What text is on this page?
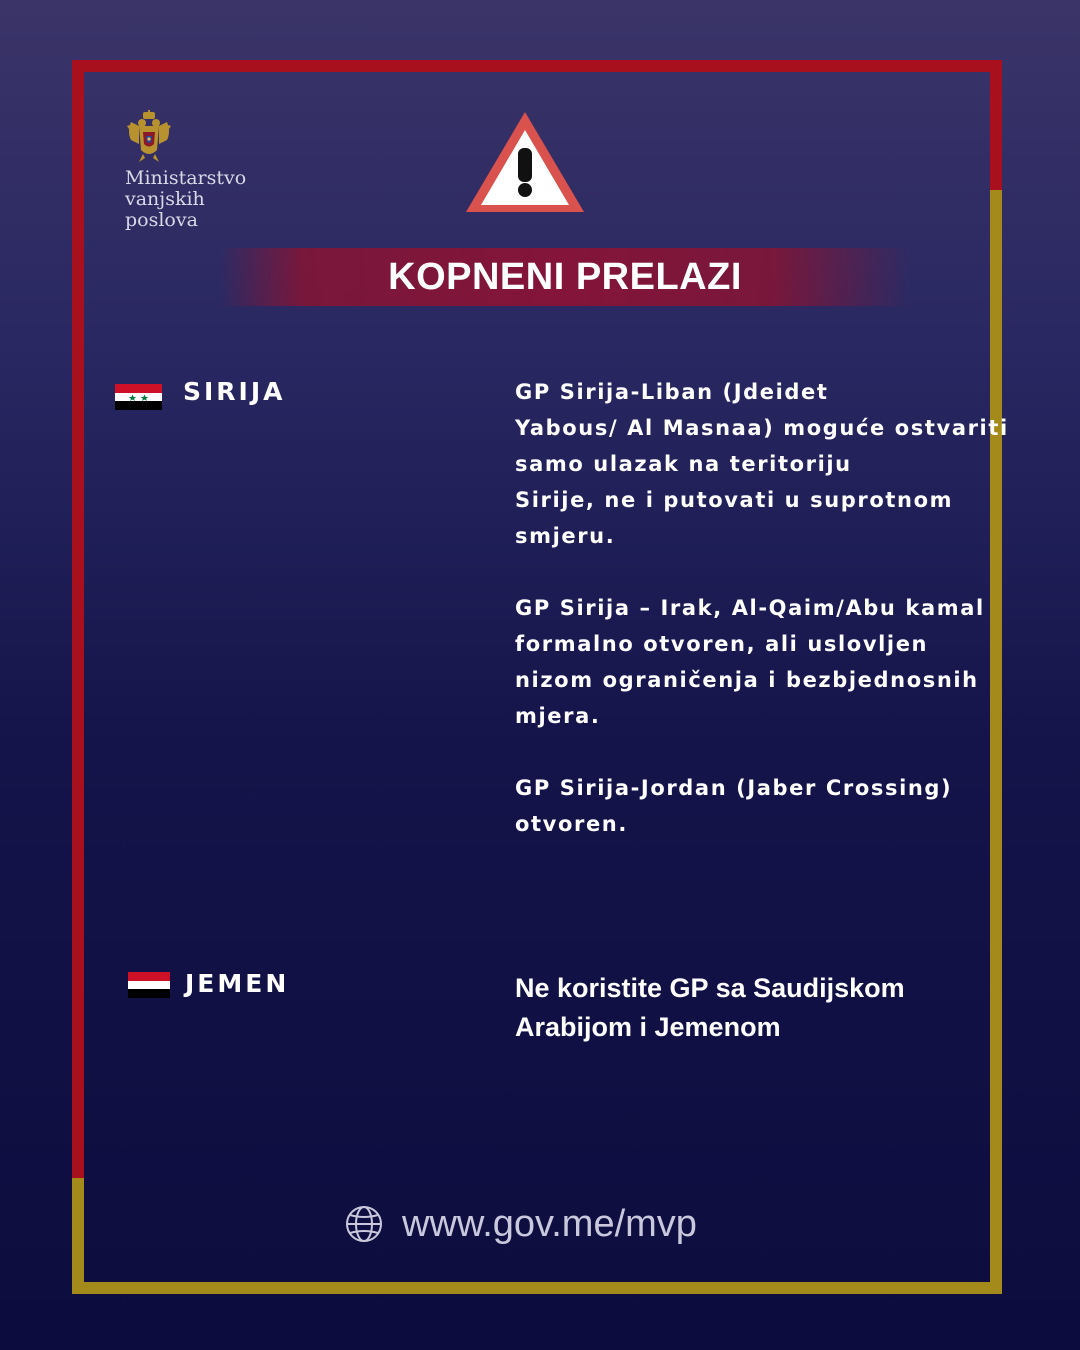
Ministarstvo
vanjskih
poslova
KOPNENI PRELAZI
SIRIJA	GP Sirija-Liban (Jdeidet
Yabous/ Al Masnaa) moguće ostvariti
samo ulazak na teritoriju
Sirije, ne i putovati u suprotnom
smjeru.

GP Sirija – Irak, Al-Qaim/Abu kamal
formalno otvoren, ali uslovljen
nizom ograničenja i bezbjednosnih
mjera.

GP Sirija-Jordan (Jaber Crossing)
otvoren.

JEMEN	Ne koristite GP sa Saudijskom
Arabijom i Jemenom
www.gov.me/mvp
